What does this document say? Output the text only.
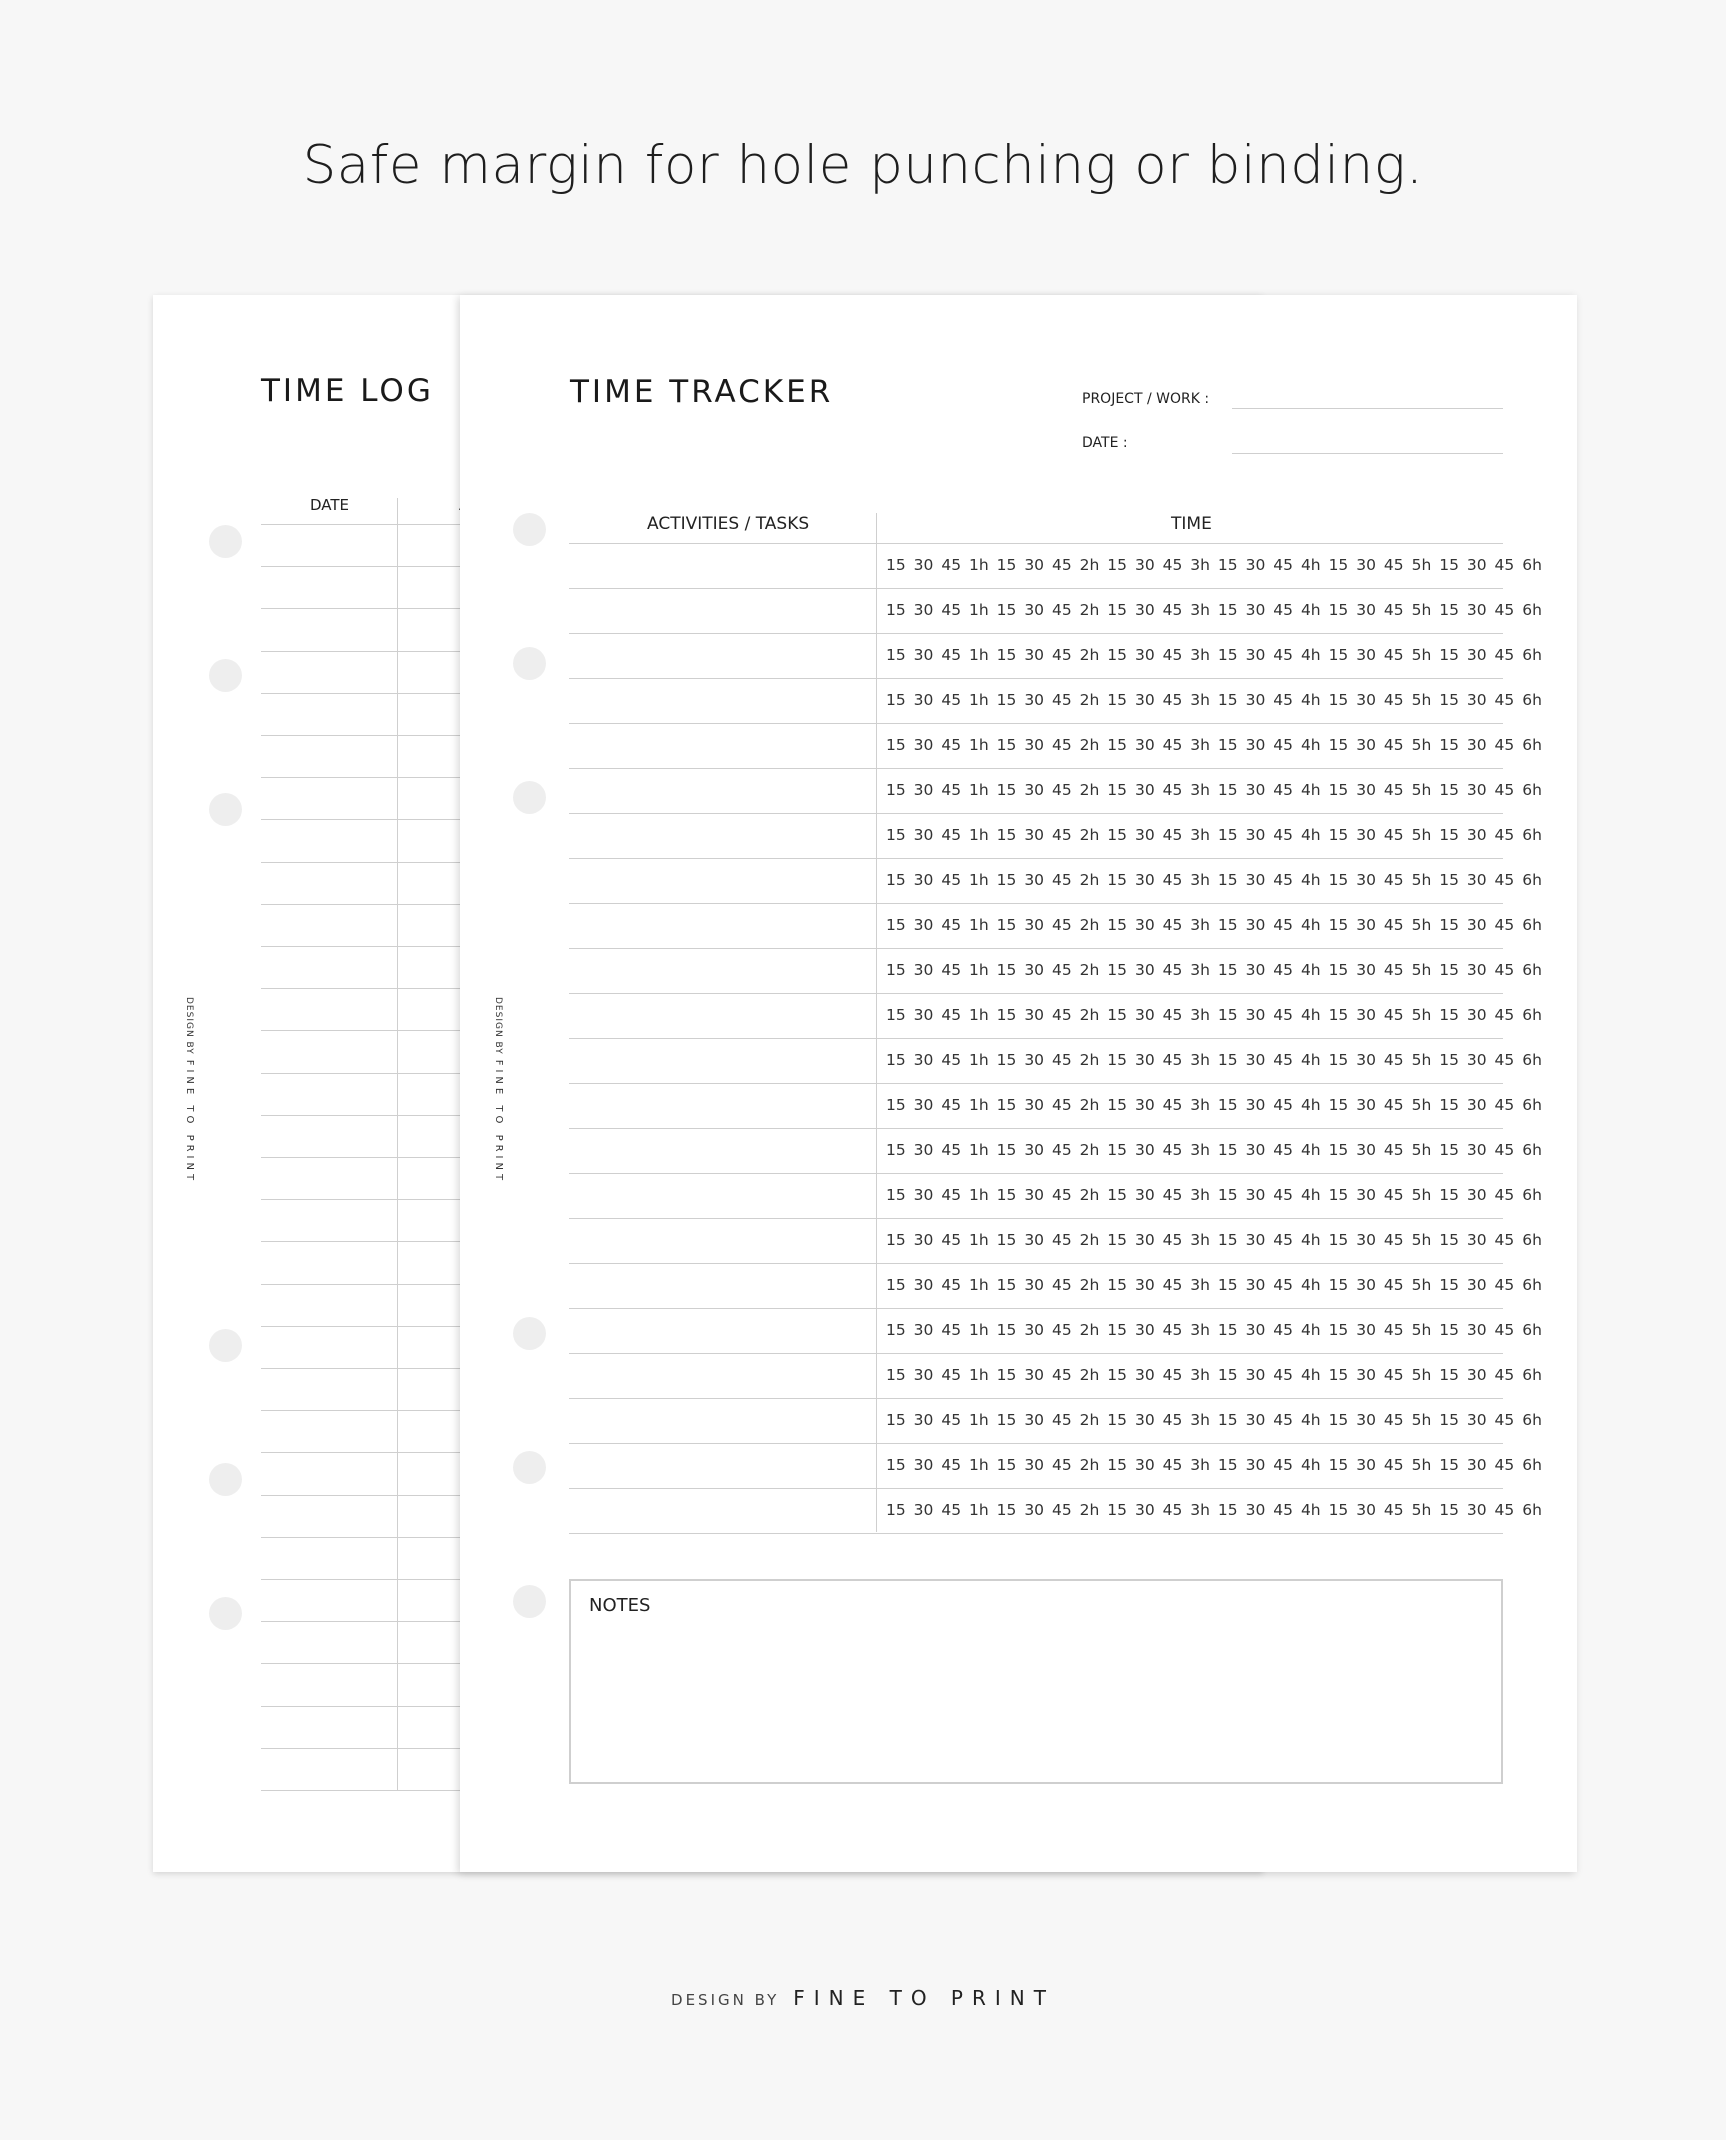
Safe margin for hole punching or binding.
DESIGN BYFINE TO PRINT
TIME LOG
DATE
DESIGN BYFINE TO PRINT
TIME TRACKER	PROJECT / WORK :
DATE :
ACTIVITIES / TASKS	TIME
15 30 45 1h 15 30 45 2h 15 30 45 3h 15 30 45 4h 15 30 45 5h 15 30 45 6h
15 30 45 1h 15 30 45 2h 15 30 45 3h 15 30 45 4h 15 30 45 5h 15 30 45 6h
15 30 45 1h 15 30 45 2h 15 30 45 3h 15 30 45 4h 15 30 45 5h 15 30 45 6h
15 30 45 1h 15 30 45 2h 15 30 45 3h 15 30 45 4h 15 30 45 5h 15 30 45 6h
15 30 45 1h 15 30 45 2h 15 30 45 3h 15 30 45 4h 15 30 45 5h 15 30 45 6h
15 30 45 1h 15 30 45 2h 15 30 45 3h 15 30 45 4h 15 30 45 5h 15 30 45 6h
15 30 45 1h 15 30 45 2h 15 30 45 3h 15 30 45 4h 15 30 45 5h 15 30 45 6h
15 30 45 1h 15 30 45 2h 15 30 45 3h 15 30 45 4h 15 30 45 5h 15 30 45 6h
15 30 45 1h 15 30 45 2h 15 30 45 3h 15 30 45 4h 15 30 45 5h 15 30 45 6h
15 30 45 1h 15 30 45 2h 15 30 45 3h 15 30 45 4h 15 30 45 5h 15 30 45 6h
15 30 45 1h 15 30 45 2h 15 30 45 3h 15 30 45 4h 15 30 45 5h 15 30 45 6h
15 30 45 1h 15 30 45 2h 15 30 45 3h 15 30 45 4h 15 30 45 5h 15 30 45 6h
15 30 45 1h 15 30 45 2h 15 30 45 3h 15 30 45 4h 15 30 45 5h 15 30 45 6h
15 30 45 1h 15 30 45 2h 15 30 45 3h 15 30 45 4h 15 30 45 5h 15 30 45 6h
15 30 45 1h 15 30 45 2h 15 30 45 3h 15 30 45 4h 15 30 45 5h 15 30 45 6h
15 30 45 1h 15 30 45 2h 15 30 45 3h 15 30 45 4h 15 30 45 5h 15 30 45 6h
15 30 45 1h 15 30 45 2h 15 30 45 3h 15 30 45 4h 15 30 45 5h 15 30 45 6h
15 30 45 1h 15 30 45 2h 15 30 45 3h 15 30 45 4h 15 30 45 5h 15 30 45 6h
15 30 45 1h 15 30 45 2h 15 30 45 3h 15 30 45 4h 15 30 45 5h 15 30 45 6h
15 30 45 1h 15 30 45 2h 15 30 45 3h 15 30 45 4h 15 30 45 5h 15 30 45 6h
15 30 45 1h 15 30 45 2h 15 30 45 3h 15 30 45 4h 15 30 45 5h 15 30 45 6h
15 30 45 1h 15 30 45 2h 15 30 45 3h 15 30 45 4h 15 30 45 5h 15 30 45 6h
NOTES
DESIGN BY FINE TO PRINT
